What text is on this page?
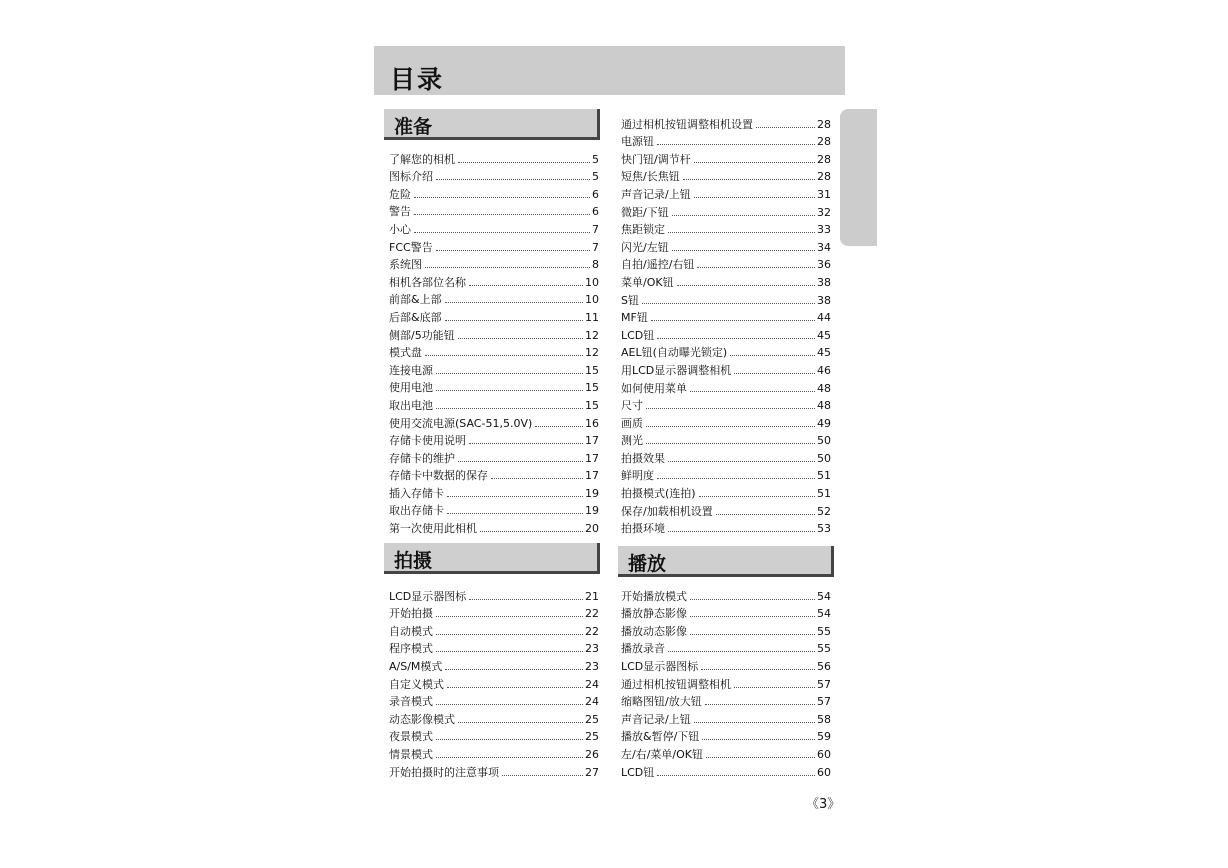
目录
准备
了解您的相机	5
图标介绍	5
危险	6
警告	6
小心	7
FCC警告	7
系统图	8
相机各部位名称	10
前部&上部	10
后部&底部	11
侧部/5功能钮	12
模式盘	12
连接电源	15
使用电池	15
取出电池	15
使用交流电源(SAC-51,5.0V)	16
存储卡使用说明	17
存储卡的维护	17
存储卡中数据的保存	17
插入存储卡	19
取出存储卡	19
第一次使用此相机	20
通过相机按钮调整相机设置	28
电源钮	28
快门钮/调节杆	28
短焦/长焦钮	28
声音记录/上钮	31
微距/下钮	32
焦距锁定	33
闪光/左钮	34
自拍/遥控/右钮	36
菜单/OK钮	38
S钮	38
MF钮	44
LCD钮	45
AEL钮(自动曝光锁定)	45
用LCD显示器调整相机	46
如何使用菜单	48
尺寸	48
画质	49
测光	50
拍摄效果	50
鲜明度	51
拍摄模式(连拍)	51
保存/加载相机设置	52
拍摄环境	53
拍摄
LCD显示器图标	21
开始拍摄	22
自动模式	22
程序模式	23
A/S/M模式	23
自定义模式	24
录音模式	24
动态影像模式	25
夜景模式	25
情景模式	26
开始拍摄时的注意事项	27
播放
开始播放模式	54
播放静态影像	54
播放动态影像	55
播放录音	55
LCD显示器图标	56
通过相机按钮调整相机	57
缩略图钮/放大钮	57
声音记录/上钮	58
播放&暂停/下钮	59
左/右/菜单/OK钮	60
LCD钮	60
《3》
